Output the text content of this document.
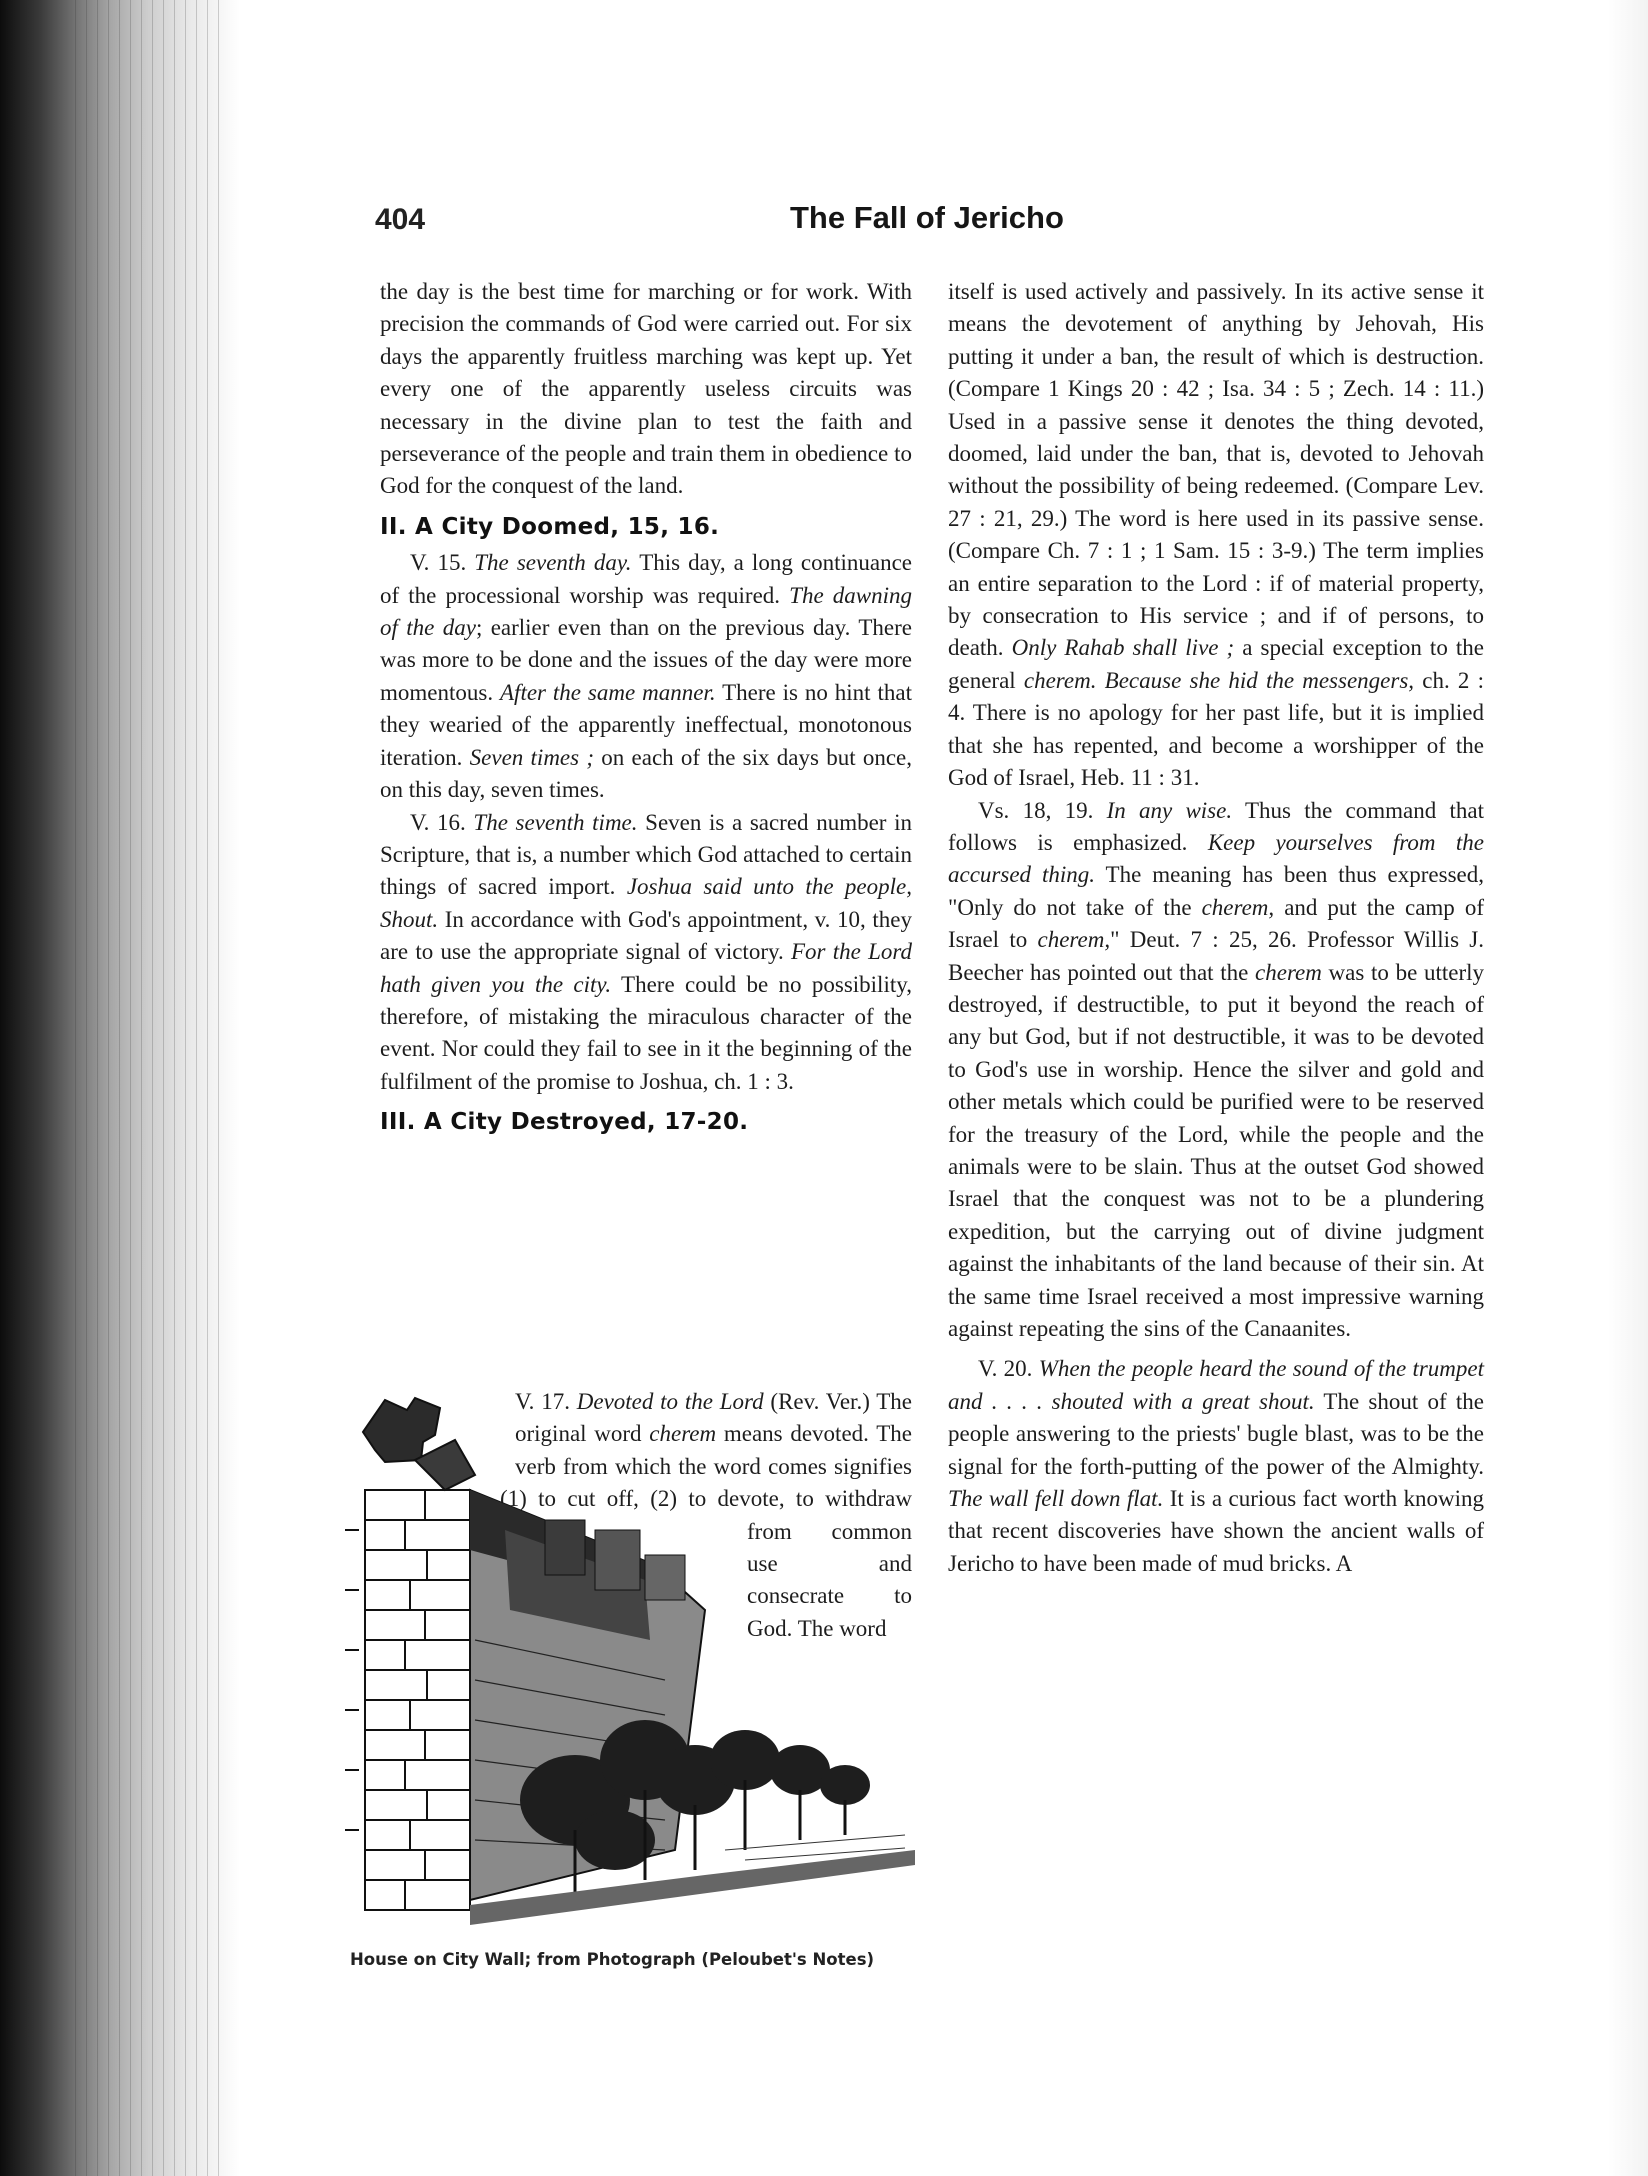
404	The Fall of Jericho

the day is the best time for marching or for work. With precision the commands of God were carried out. For six days the apparently fruitless marching was kept up. Yet every one of the apparently useless circuits was necessary in the divine plan to test the faith and perseverance of the people and train them in obedience to God for the conquest of the land.

II. A City Doomed, 15, 16.

V. 15. The seventh day. This day, a long continuance of the processional worship was required. The dawning of the day; earlier even than on the previous day. There was more to be done and the issues of the day were more momentous. After the same manner. There is no hint that they wearied of the apparently ineffectual, monotonous iteration. Seven times ; on each of the six days but once, on this day, seven times.

V. 16. The seventh time. Seven is a sacred number in Scripture, that is, a number which God attached to certain things of sacred import. Joshua said unto the people, Shout. In accordance with God's appointment, v. 10, they are to use the appropriate signal of victory. For the Lord hath given you the city. There could be no possibility, therefore, of mistaking the miraculous character of the event. Nor could they fail to see in it the beginning of the fulfilment of the promise to Joshua, ch. 1 : 3.

III. A City Destroyed, 17-20.

V. 17. Devoted to the Lord (Rev. Ver.) The original word cherem means devoted. The verb from which the word comes signifies (1) to cut off, (2) to devote, to withdraw from common use and consecrate to God. The word

House on City Wall; from Photograph (Peloubet's Notes)

itself is used actively and passively. In its active sense it means the devotement of anything by Jehovah, His putting it under a ban, the result of which is destruction. (Compare 1 Kings 20 : 42 ; Isa. 34 : 5 ; Zech. 14 : 11.) Used in a passive sense it denotes the thing devoted, doomed, laid under the ban, that is, devoted to Jehovah without the possibility of being redeemed. (Compare Lev. 27 : 21, 29.) The word is here used in its passive sense. (Compare Ch. 7 : 1 ; 1 Sam. 15 : 3-9.) The term implies an entire separation to the Lord : if of material property, by consecration to His service ; and if of persons, to death. Only Rahab shall live ; a special exception to the general cherem. Because she hid the messengers, ch. 2 : 4. There is no apology for her past life, but it is implied that she has repented, and become a worshipper of the God of Israel, Heb. 11 : 31.

Vs. 18, 19. In any wise. Thus the command that follows is emphasized. Keep yourselves from the accursed thing. The meaning has been thus expressed, "Only do not take of the cherem, and put the camp of Israel to cherem," Deut. 7 : 25, 26. Professor Willis J. Beecher has pointed out that the cherem was to be utterly destroyed, if destructible, to put it beyond the reach of any but God, but if not destructible, it was to be devoted to God's use in worship. Hence the silver and gold and other metals which could be purified were to be reserved for the treasury of the Lord, while the people and the animals were to be slain. Thus at the outset God showed Israel that the conquest was not to be a plundering expedition, but the carrying out of divine judgment against the inhabitants of the land because of their sin. At the same time Israel received a most impressive warning against repeating the sins of the Canaanites.

V. 20. When the people heard the sound of the trumpet and . . . . shouted with a great shout. The shout of the people answering to the priests' bugle blast, was to be the signal for the forth-putting of the power of the Almighty. The wall fell down flat. It is a curious fact worth knowing that recent discoveries have shown the ancient walls of Jericho to have been made of mud bricks. A
